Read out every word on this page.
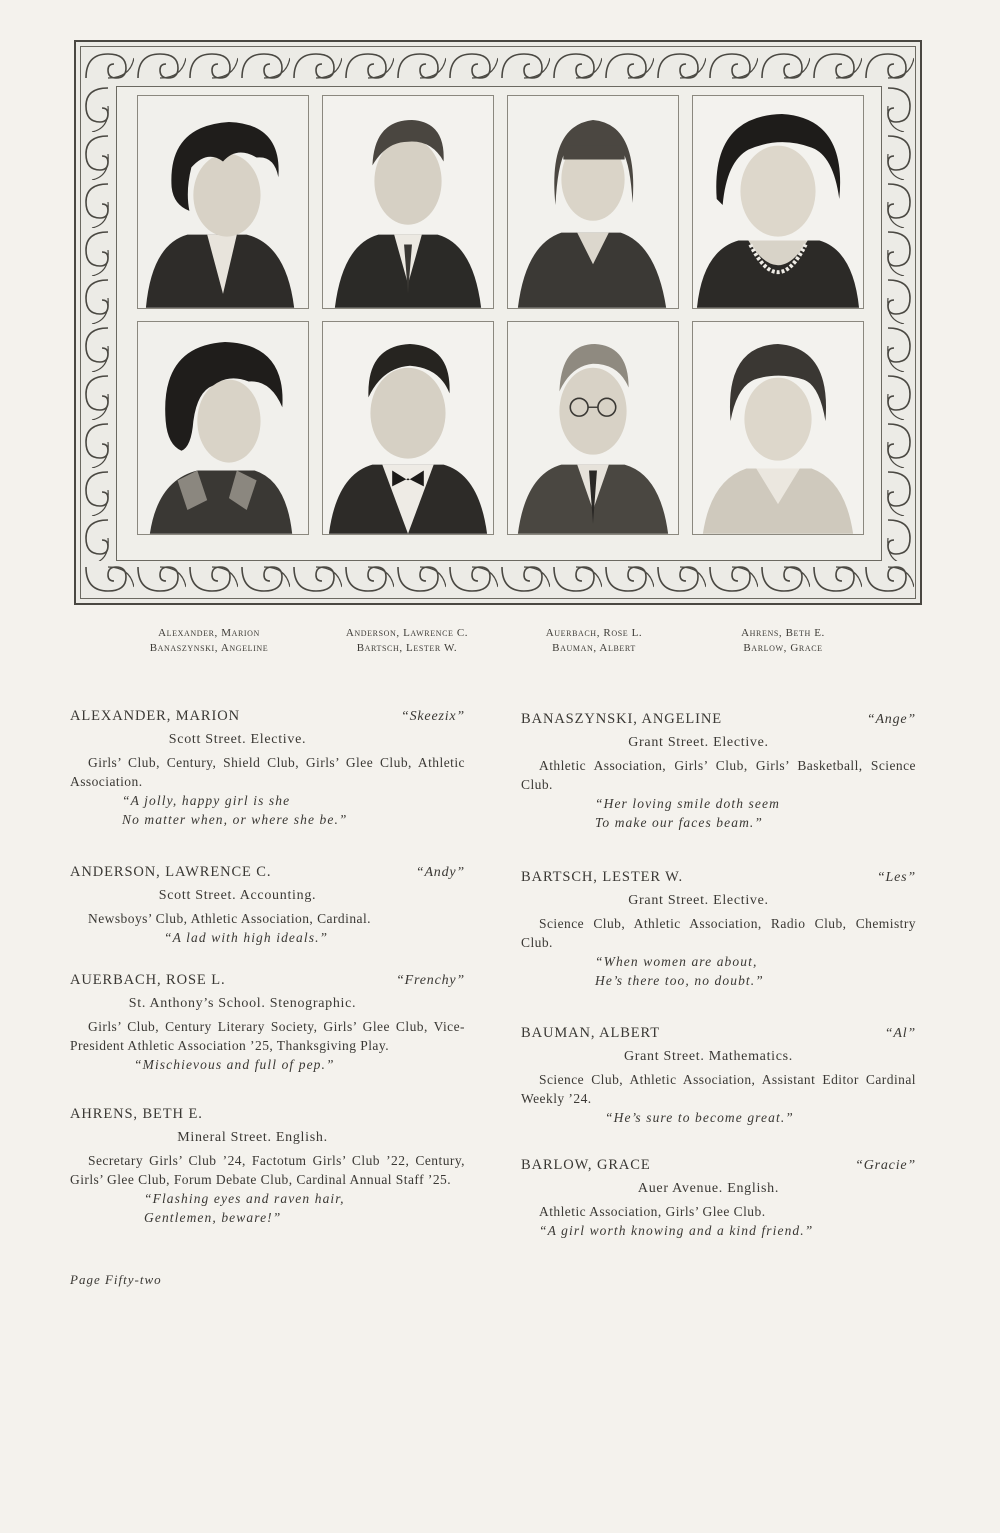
Alexander, Marion
Banaszynski, Angeline
Anderson, Lawrence C.
Bartsch, Lester W.
Auerbach, Rose L.
Bauman, Albert
Ahrens, Beth E.
Barlow, Grace
ALEXANDER, MARION	“Skeezix”
Scott Street. Elective.
Girls’ Club, Century, Shield Club, Girls’ Glee Club, Athletic Association.
“A jolly, happy girl is she
No matter when, or where she be.”
ANDERSON, LAWRENCE C.	“Andy”
Scott Street. Accounting.
Newsboys’ Club, Athletic Association, Cardinal.
“A lad with high ideals.”
AUERBACH, ROSE L.	“Frenchy”
St. Anthony’s School. Stenographic.
Girls’ Club, Century Literary Society, Girls’ Glee Club, Vice-President Athletic Association ’25, Thanksgiving Play.
“Mischievous and full of pep.”
AHRENS, BETH E.
Mineral Street. English.
Secretary Girls’ Club ’24, Factotum Girls’ Club ’22, Century, Girls’ Glee Club, Forum Debate Club, Cardinal Annual Staff ’25.
“Flashing eyes and raven hair,
Gentlemen, beware!”
BANASZYNSKI, ANGELINE	“Ange”
Grant Street. Elective.
Athletic Association, Girls’ Club, Girls’ Basketball, Science Club.
“Her loving smile doth seem
To make our faces beam.”
BARTSCH, LESTER W.	“Les”
Grant Street. Elective.
Science Club, Athletic Association, Radio Club, Chemistry Club.
“When women are about,
He’s there too, no doubt.”
BAUMAN, ALBERT	“Al”
Grant Street. Mathematics.
Science Club, Athletic Association, Assistant Editor Cardinal Weekly ’24.
“He’s sure to become great.”
BARLOW, GRACE	“Gracie”
Auer Avenue. English.
Athletic Association, Girls’ Glee Club.
“A girl worth knowing and a kind friend.”
Page Fifty-two
